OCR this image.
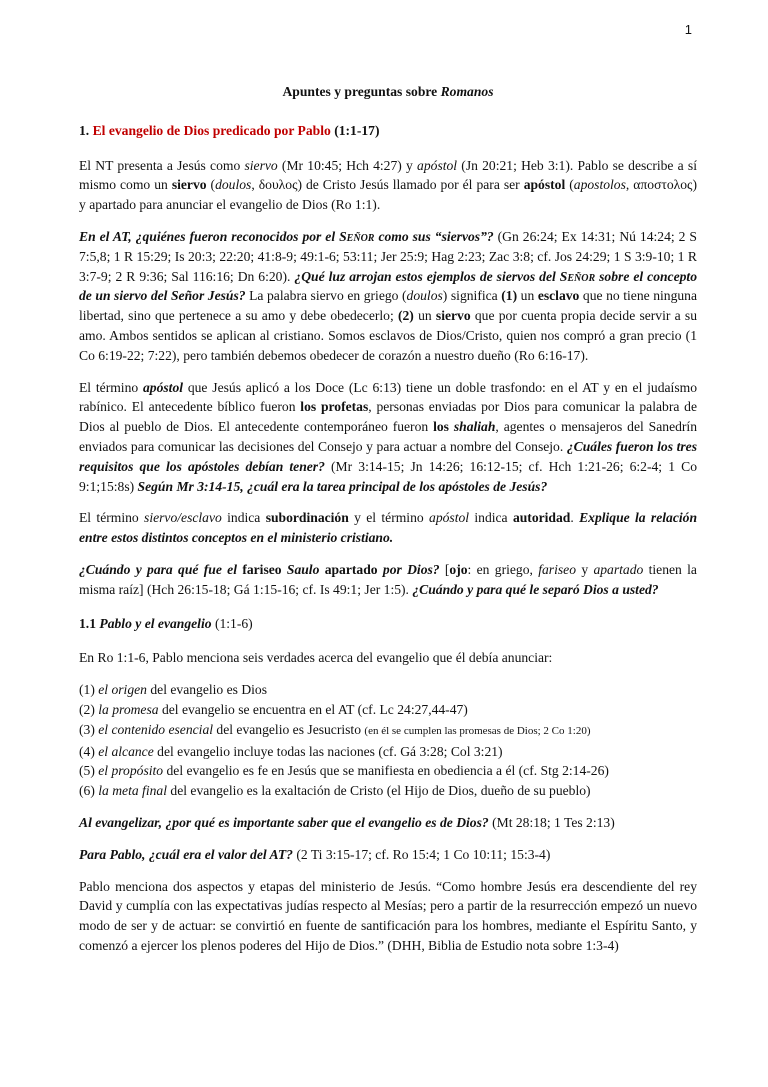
1

Apuntes y preguntas sobre Romanos

1. El evangelio de Dios predicado por Pablo (1:1-17)

El NT presenta a Jesús como siervo (Mr 10:45; Hch 4:27) y apóstol (Jn 20:21; Heb 3:1). Pablo se describe a sí mismo como un siervo (doulos, δουλος) de Cristo Jesús llamado por él para ser apóstol (apostolos, αποστολος) y apartado para anunciar el evangelio de Dios (Ro 1:1).

En el AT, ¿quiénes fueron reconocidos por el Señor como sus “siervos”? (Gn 26:24; Ex 14:31; Nú 14:24; 2 S 7:5,8; 1 R 15:29; Is 20:3; 22:20; 41:8-9; 49:1-6; 53:11; Jer 25:9; Hag 2:23; Zac 3:8; cf. Jos 24:29; 1 S 3:9-10; 1 R 3:7-9; 2 R 9:36; Sal 116:16; Dn 6:20). ¿Qué luz arrojan estos ejemplos de siervos del Señor sobre el concepto de un siervo del Señor Jesús? La palabra siervo en griego (doulos) significa (1) un esclavo que no tiene ninguna libertad, sino que pertenece a su amo y debe obedecerlo; (2) un siervo que por cuenta propia decide servir a su amo. Ambos sentidos se aplican al cristiano. Somos esclavos de Dios/Cristo, quien nos compró a gran precio (1 Co 6:19-22; 7:22), pero también debemos obedecer de corazón a nuestro dueño (Ro 6:16-17).

El término apóstol que Jesús aplicó a los Doce (Lc 6:13) tiene un doble trasfondo: en el AT y en el judaísmo rabínico. El antecedente bíblico fueron los profetas, personas enviadas por Dios para comunicar la palabra de Dios al pueblo de Dios. El antecedente contemporáneo fueron los shaliah, agentes o mensajeros del Sanedrín enviados para comunicar las decisiones del Consejo y para actuar a nombre del Consejo. ¿Cuáles fueron los tres requisitos que los apóstoles debían tener? (Mr 3:14-15; Jn 14:26; 16:12-15; cf. Hch 1:21-26; 6:2-4; 1 Co 9:1;15:8s) Según Mr 3:14-15, ¿cuál era la tarea principal de los apóstoles de Jesús?

El término siervo/esclavo indica subordinación y el término apóstol indica autoridad. Explique la relación entre estos distintos conceptos en el ministerio cristiano.

¿Cuándo y para qué fue el fariseo Saulo apartado por Dios? [ojo: en griego, fariseo y apartado tienen la misma raíz] (Hch 26:15-18; Gá 1:15-16; cf. Is 49:1; Jer 1:5). ¿Cuándo y para qué le separó Dios a usted?

1.1 Pablo y el evangelio (1:1-6)

En Ro 1:1-6, Pablo menciona seis verdades acerca del evangelio que él debía anunciar:

(1) el origen del evangelio es Dios
(2) la promesa del evangelio se encuentra en el AT (cf. Lc 24:27,44-47)
(3) el contenido esencial del evangelio es Jesucristo (en él se cumplen las promesas de Dios; 2 Co 1:20)
(4) el alcance del evangelio incluye todas las naciones (cf. Gá 3:28; Col 3:21)
(5) el propósito del evangelio es fe en Jesús que se manifiesta en obediencia a él (cf. Stg 2:14-26)
(6) la meta final del evangelio es la exaltación de Cristo (el Hijo de Dios, dueño de su pueblo)

Al evangelizar, ¿por qué es importante saber que el evangelio es de Dios? (Mt 28:18; 1 Tes 2:13)

Para Pablo, ¿cuál era el valor del AT? (2 Ti 3:15-17; cf. Ro 15:4; 1 Co 10:11; 15:3-4)

Pablo menciona dos aspectos y etapas del ministerio de Jesús. “Como hombre Jesús era descendiente del rey David y cumplía con las expectativas judías respecto al Mesías; pero a partir de la resurrección empezó un nuevo modo de ser y de actuar: se convirtió en fuente de santificación para los hombres, mediante el Espíritu Santo, y comenzó a ejercer los plenos poderes del Hijo de Dios.” (DHH, Biblia de Estudio nota sobre 1:3-4)
